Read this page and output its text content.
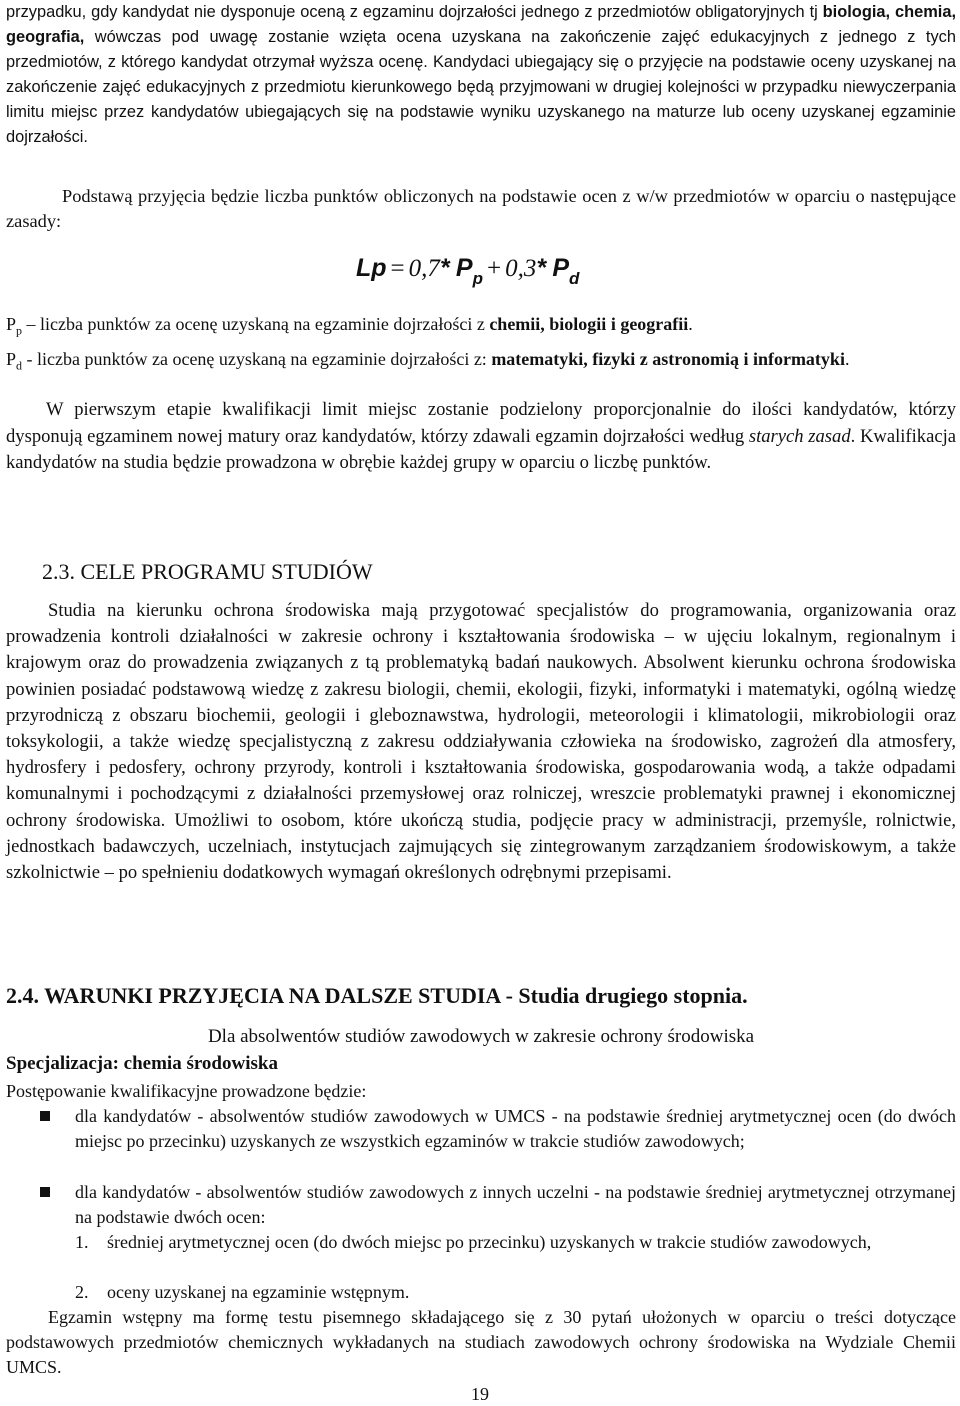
przypadku, gdy kandydat nie dysponuje oceną z egzaminu dojrzałości jednego z przedmiotów obligatoryjnych tj biologia, chemia, geografia, wówczas pod uwagę zostanie wzięta ocena uzyskana na zakończenie zajęć edukacyjnych z jednego z tych przedmiotów, z którego kandydat otrzymał wyższa ocenę. Kandydaci ubiegający się o przyjęcie na podstawie oceny uzyskanej na zakończenie zajęć edukacyjnych z przedmiotu kierunkowego będą przyjmowani w drugiej kolejności w przypadku niewyczerpania limitu miejsc przez kandydatów ubiegających się na podstawie wyniku uzyskanego na maturze lub oceny uzyskanej egzaminie dojrzałości.

Podstawą przyjęcia będzie liczba punktów obliczonych na podstawie ocen z w/w przedmiotów w oparciu o następujące zasady:

Lp = 0,7* $P_p + 0,3*$ $P_d$

$P_p$ – liczba punktów za ocenę uzyskaną na egzaminie dojrzałości z chemii, biologii i geografii.

$P_d$ - liczba punktów za ocenę uzyskaną na egzaminie dojrzałości z: matematyki, fizyki z astronomią i informatyki.

W pierwszym etapie kwalifikacji limit miejsc zostanie podzielony proporcjonalnie do ilości kandydatów, którzy dysponują egzaminem nowej matury oraz kandydatów, którzy zdawali egzamin dojrzałości według starych zasad. Kwalifikacja kandydatów na studia będzie prowadzona w obrębie każdej grupy w oparciu o liczbę punktów.

2.3. CELE PROGRAMU STUDIÓW

Studia na kierunku ochrona środowiska mają przygotować specjalistów do programowania, organizowania oraz prowadzenia kontroli działalności w zakresie ochrony i kształtowania środowiska – w ujęciu lokalnym, regionalnym i krajowym oraz do prowadzenia związanych z tą problematyką badań naukowych. Absolwent kierunku ochrona środowiska powinien posiadać podstawową wiedzę z zakresu biologii, chemii, ekologii, fizyki, informatyki i matematyki, ogólną wiedzę przyrodniczą z obszaru biochemii, geologii i gleboznawstwa, hydrologii, meteorologii i klimatologii, mikrobiologii oraz toksykologii, a także wiedzę specjalistyczną z zakresu oddziaływania człowieka na środowisko, zagrożeń dla atmosfery, hydrosfery i pedosfery, ochrony przyrody, kontroli i kształtowania środowiska, gospodarowania wodą, a także odpadami komunalnymi i pochodzącymi z działalności przemysłowej oraz rolniczej, wreszcie problematyki prawnej i ekonomicznej ochrony środowiska. Umożliwi to osobom, które ukończą studia, podjęcie pracy w administracji, przemyśle, rolnictwie, jednostkach badawczych, uczelniach, instytucjach zajmujących się zintegrowanym zarządzaniem środowiskowym, a także szkolnictwie – po spełnieniu dodatkowych wymagań określonych odrębnymi przepisami.

2.4. WARUNKI PRZYJĘCIA NA DALSZE STUDIA - Studia drugiego stopnia.
Dla absolwentów studiów zawodowych w zakresie ochrony środowiska
Specjalizacja: chemia środowiska
Postępowanie kwalifikacyjne prowadzone będzie:
dla kandydatów - absolwentów studiów zawodowych w UMCS - na podstawie średniej arytmetycznej ocen (do dwóch miejsc po przecinku) uzyskanych ze wszystkich egzaminów w trakcie studiów zawodowych;
dla kandydatów - absolwentów studiów zawodowych z innych uczelni - na podstawie średniej arytmetycznej otrzymanej na podstawie dwóch ocen:
1. średniej arytmetycznej ocen (do dwóch miejsc po przecinku) uzyskanych w trakcie studiów zawodowych,
2. oceny uzyskanej na egzaminie wstępnym.

Egzamin wstępny ma formę testu pisemnego składającego się z 30 pytań ułożonych w oparciu o treści dotyczące podstawowych przedmiotów chemicznych wykładanych na studiach zawodowych ochrony środowiska na Wydziale Chemii UMCS.

19
